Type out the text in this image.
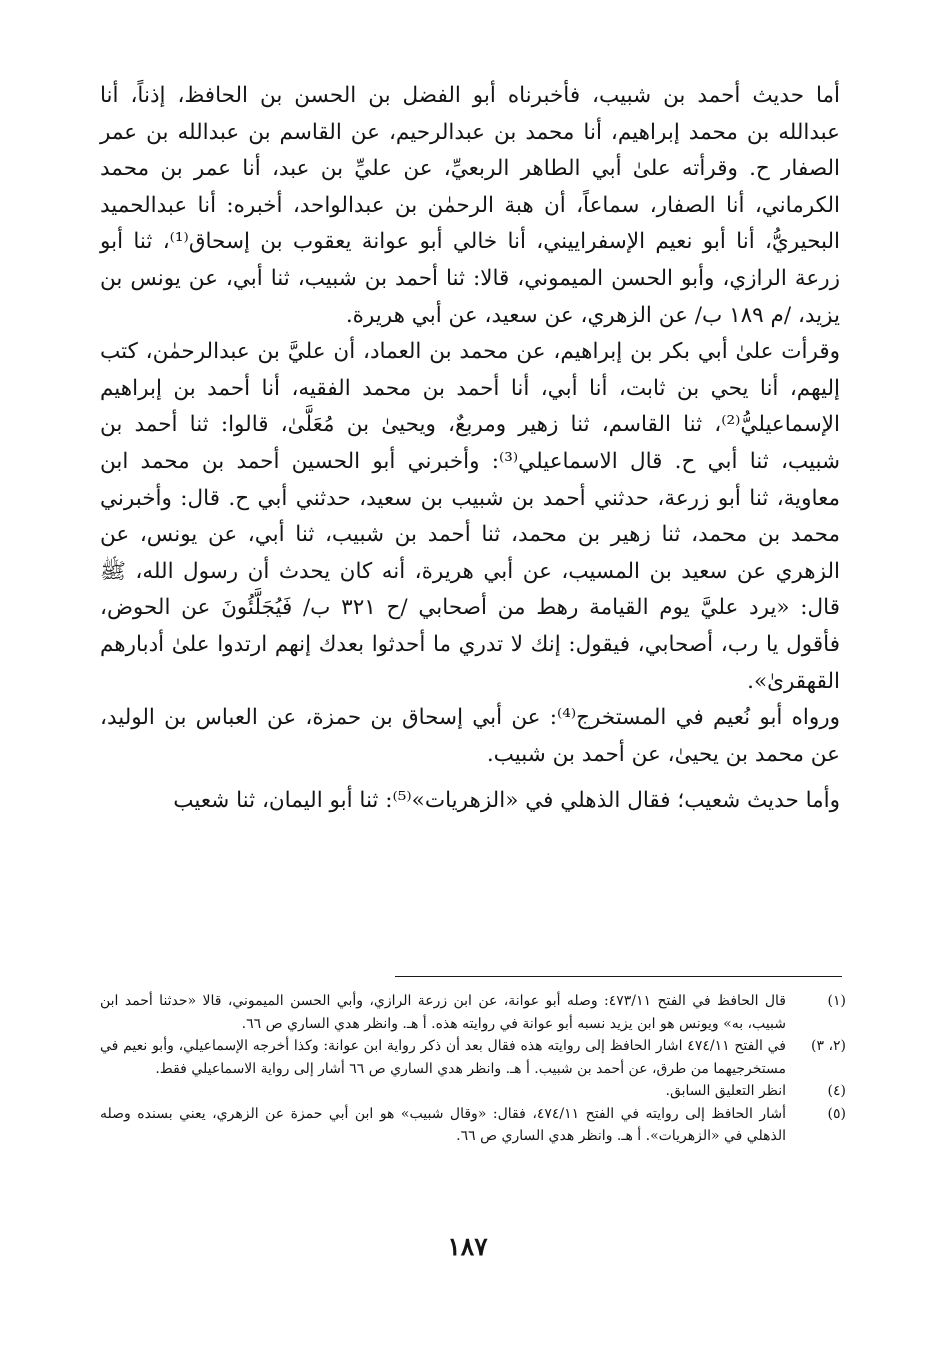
أما حديث أحمد بن شبيب، فأخبرناه أبو الفضل بن الحسن بن الحافظ، إذناً، أنا عبدالله بن محمد إبراهيم، أنا محمد بن عبدالرحيم، عن القاسم بن عبدالله بن عمر الصفار ح. وقرأته علىٰ أبي الطاهر الربعيِّ، عن عليِّ بن عبد، أنا عمر بن محمد الكرماني، أنا الصفار، سماعاً، أن هبة الرحمٰن بن عبدالواحد، أخبره: أنا عبدالحميد البحيريُّ، أنا أبو نعيم الإسفراييني، أنا خالي أبو عوانة يعقوب بن إسحاق⁽¹⁾، ثنا أبو زرعة الرازي، وأبو الحسن الميموني، قالا: ثنا أحمد بن شبيب، ثنا أبي، عن يونس بن يزيد، /م ١٨٩ ب/ عن الزهري، عن سعيد، عن أبي هريرة.

وقرأت علىٰ أبي بكر بن إبراهيم، عن محمد بن العماد، أن عليَّ بن عبدالرحمٰن، كتب إليهم، أنا يحي بن ثابت، أنا أبي، أنا أحمد بن محمد الفقيه، أنا أحمد بن إبراهيم الإسماعيليُّ⁽²⁾، ثنا القاسم، ثنا زهير ومربعٌ، ويحيىٰ بن مُعَلَّىٰ، قالوا: ثنا أحمد بن شبيب، ثنا أبي ح. قال الاسماعيلي⁽³⁾: وأخبرني أبو الحسين أحمد بن محمد ابن معاوية، ثنا أبو زرعة، حدثني أحمد بن شبيب بن سعيد، حدثني أبي ح. قال: وأخبرني محمد بن محمد، ثنا زهير بن محمد، ثنا أحمد بن شبيب، ثنا أبي، عن يونس، عن الزهري عن سعيد بن المسيب، عن أبي هريرة، أنه كان يحدث أن رسول الله، ﷺ قال: «يرد عليَّ يوم القيامة رهط من أصحابي /ح ٣٢١ ب/ فَيُجَلَّئُونَ عن الحوض، فأقول يا رب، أصحابي، فيقول: إنك لا تدري ما أحدثوا بعدك إنهم ارتدوا علىٰ أدبارهم القهقرىٰ».

ورواه أبو نُعيم في المستخرج⁽⁴⁾: عن أبي إسحاق بن حمزة، عن العباس بن الوليد، عن محمد بن يحيىٰ، عن أحمد بن شبيب.

وأما حديث شعيب؛ فقال الذهلي في «الزهريات»⁽⁵⁾: ثنا أبو اليمان، ثنا شعيب

(١)
قال الحافظ في الفتح ٤٧٣/١١: وصله أبو عوانة، عن ابن زرعة الرازي، وأبي الحسن الميموني، قالا «حدثنا أحمد ابن شبيب، به» ويونس هو ابن يزيد نسبه أبو عوانة في روايته هذه. أ هـ. وانظر هدي الساري ص ٦٦.
(٢، ٣)
في الفتح ٤٧٤/١١ اشار الحافظ إلى روايته هذه فقال بعد أن ذكر رواية ابن عوانة: وكذا أخرجه الإسماعيلي، وأبو نعيم في مستخرجيهما من طرق، عن أحمد بن شبيب. أ هـ. وانظر هدي الساري ص ٦٦ أشار إلى رواية الاسماعيلي فقط.
(٤)
انظر التعليق السابق.
(٥)
أشار الحافظ إلى روايته في الفتح ٤٧٤/١١، فقال: «وقال شبيب» هو ابن أبي حمزة عن الزهري، يعني بسنده وصله الذهلي في «الزهريات». أ هـ. وانظر هدي الساري ص ٦٦.
١٨٧
